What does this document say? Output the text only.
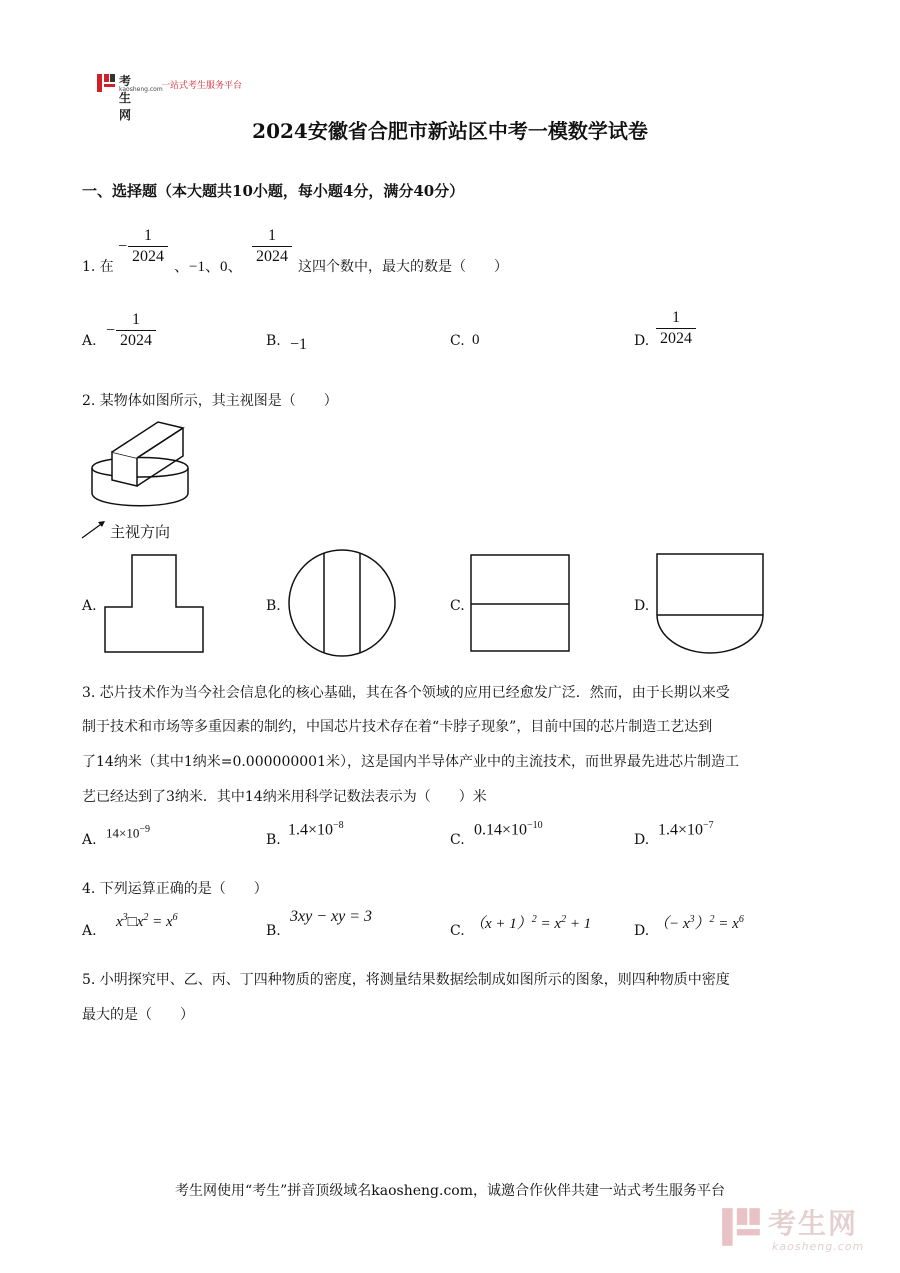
考生网
kaosheng.com
一站式考生服务平台
2024安徽省合肥市新站区中考一模数学试卷
一、选择题（本大题共10小题，每小题4分，满分40分）
1. 在
− $\frac{1}{2024}$ 、−1、0、 $\frac{1}{2024}$ 这四个数中，最大的数是（　　）
A.
− $\frac{1}{2024}$	B. −1	C. 0	D. $\frac{1}{2024}$
2. 某物体如图所示，其主视图是（　　）
主视方向
A.	B.	C.	D.
3. 芯片技术作为当今社会信息化的核心基础，其在各个领域的应用已经愈发广泛．然而，由于长期以来受
制于技术和市场等多重因素的制约，中国芯片技术存在着“卡脖子现象”，目前中国的芯片制造工艺达到
了14纳米（其中1纳米=0.000000001米），这是国内半导体产业中的主流技术，而世界最先进芯片制造工
艺已经达到了3纳米．其中14纳米用科学记数法表示为（　　）米
A. $14\times 10^{-9}$
B.
$1.4\times 10^{-8}$
C.
$0.14\times 10^{-10}$
D.
$1.4\times 10^{-7}$
4. 下列运算正确的是（　　）
A.
$x^3□x^2 = x^6$
B.
3xy − xy = 3
C. $(x + 1)^2 = x^2 + 1$	D. （− $x^3)^2 = x^6$
5. 小明探究甲、乙、丙、丁四种物质的密度，将测量结果数据绘制成如图所示的图象，则四种物质中密度
最大的是（　　）
考生网使用“考生”拼音顶级域名kaosheng.com，诚邀合作伙伴共建一站式考生服务平台
考生网
kaosheng.com
